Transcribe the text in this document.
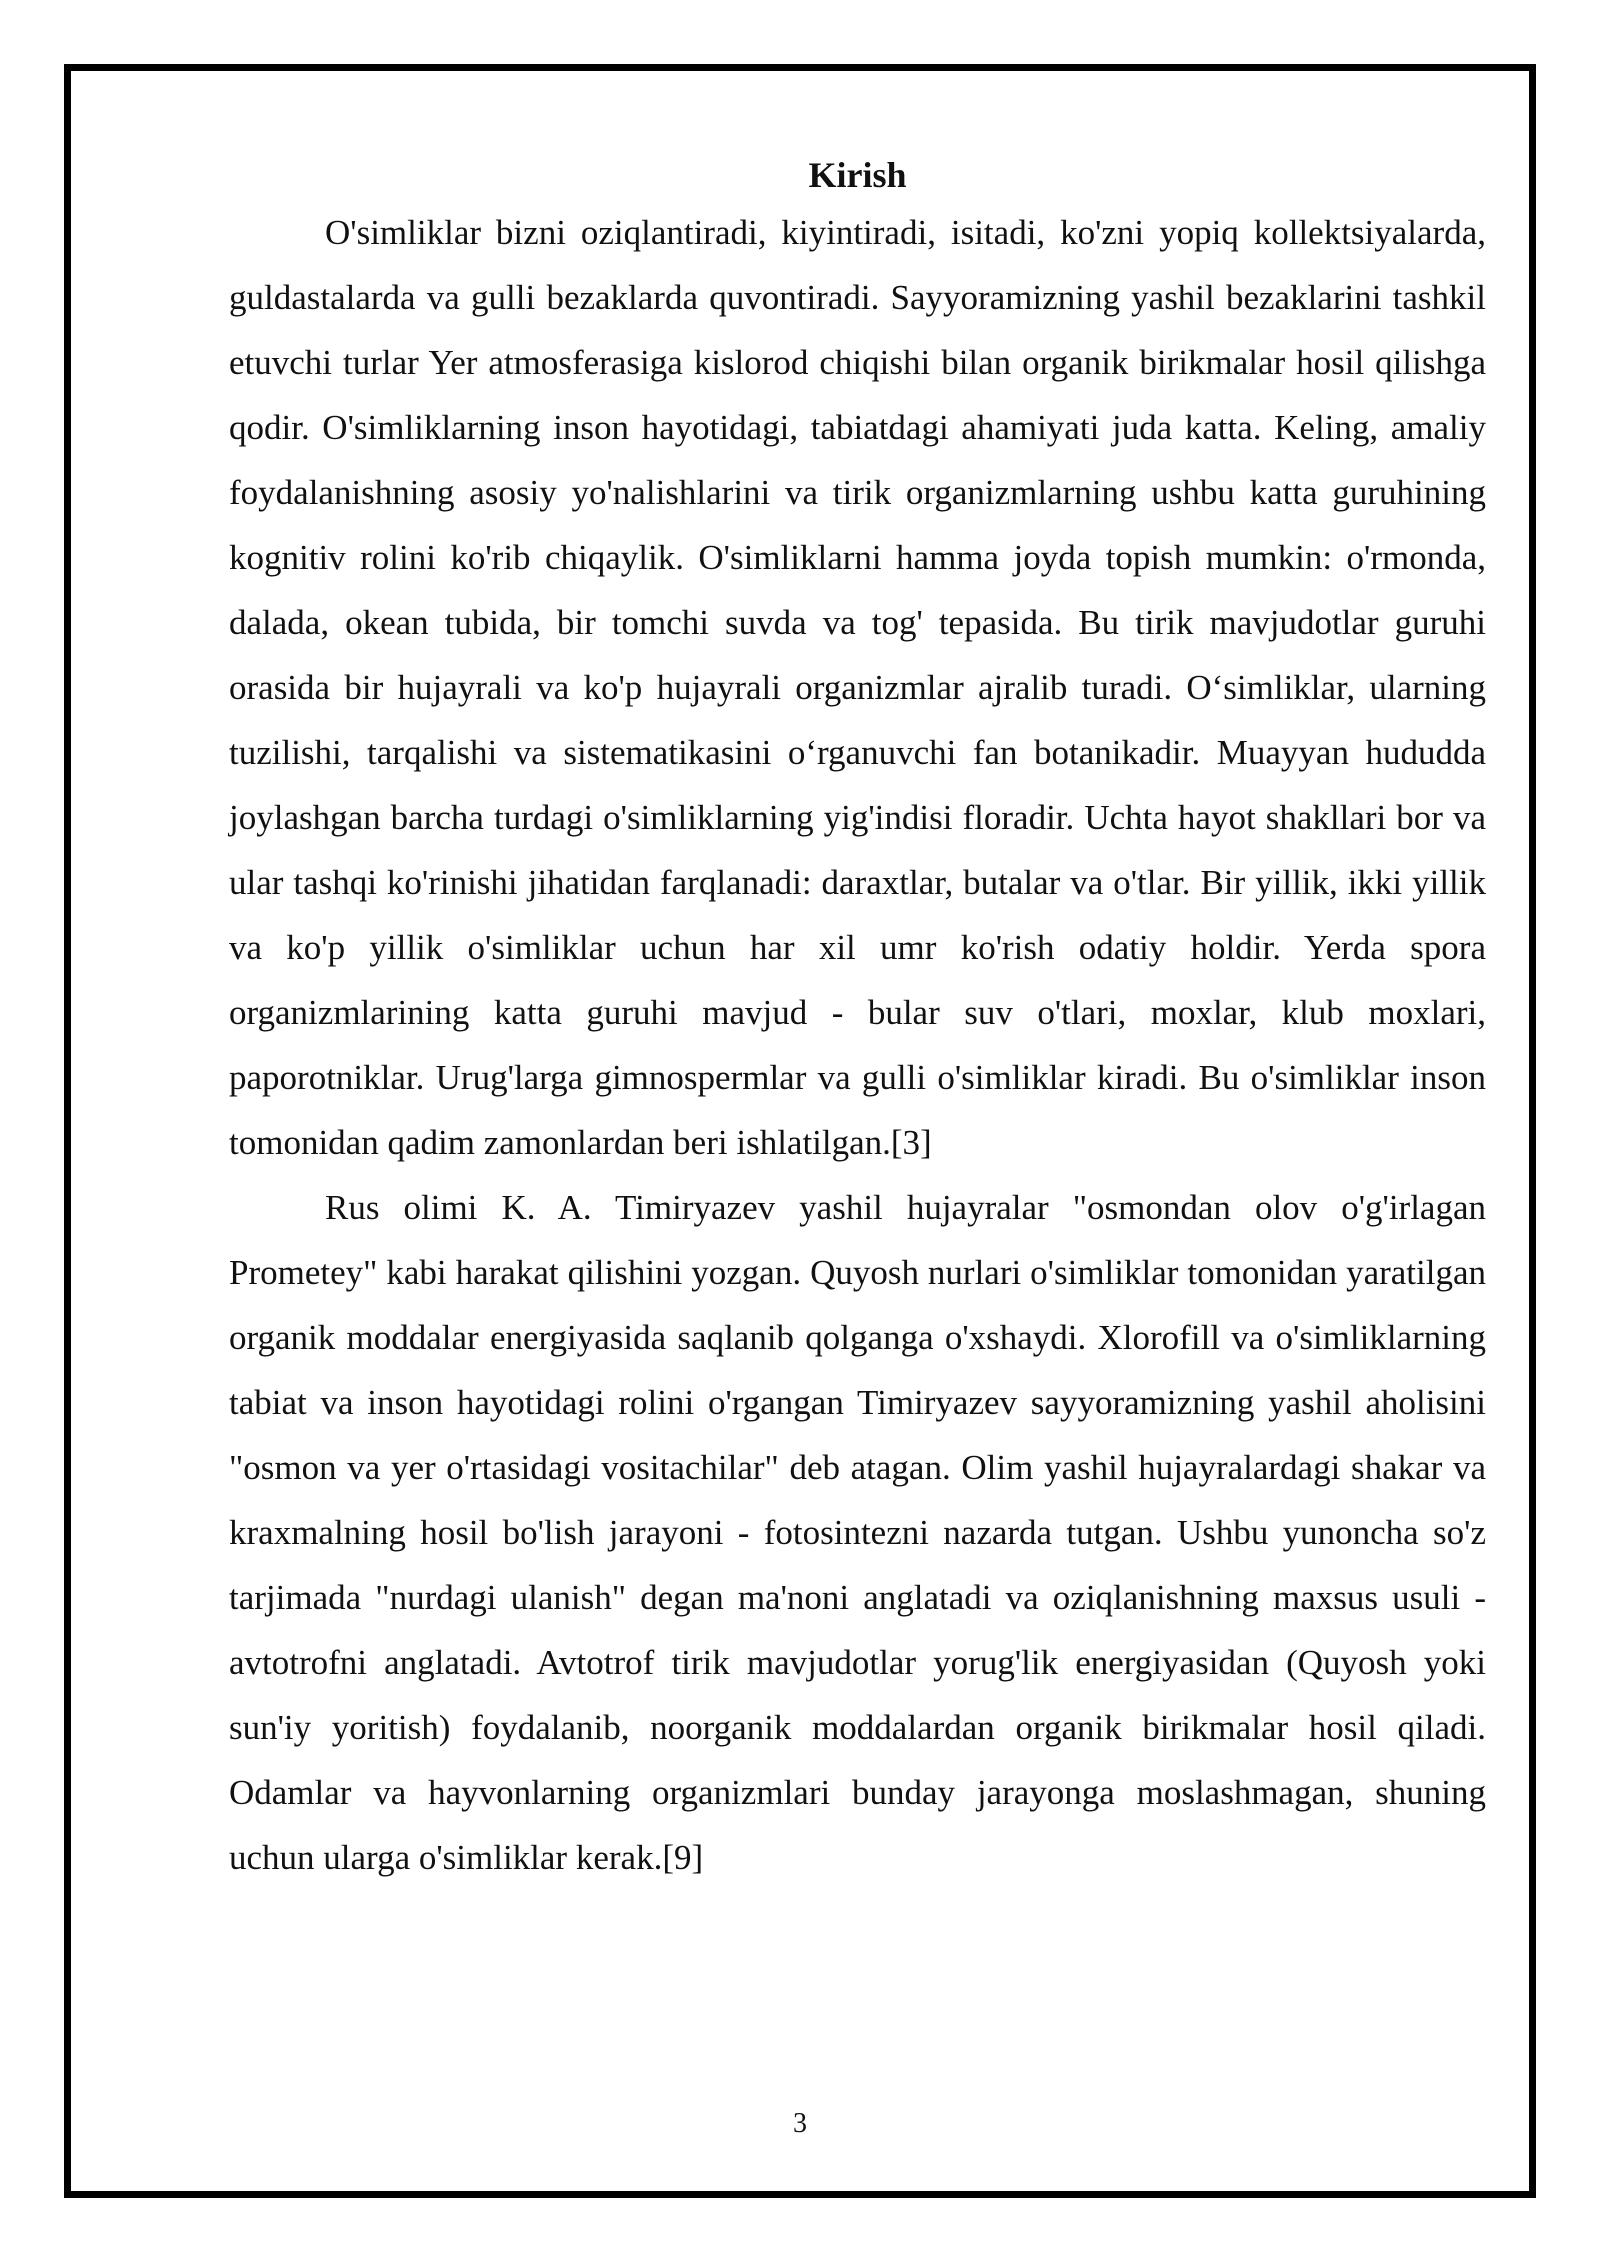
Kirish

O'simliklar bizni oziqlantiradi, kiyintiradi, isitadi, ko'zni yopiq kollektsiyalarda, guldastalarda va gulli bezaklarda quvontiradi. Sayyoramizning yashil bezaklarini tashkil etuvchi turlar Yer atmosferasiga kislorod chiqishi bilan organik birikmalar hosil qilishga qodir. O'simliklarning inson hayotidagi, tabiatdagi ahamiyati juda katta. Keling, amaliy foydalanishning asosiy yo'nalishlarini va tirik organizmlarning ushbu katta guruhining kognitiv rolini ko'rib chiqaylik. O'simliklarni hamma joyda topish mumkin: o'rmonda, dalada, okean tubida, bir tomchi suvda va tog' tepasida. Bu tirik mavjudotlar guruhi orasida bir hujayrali va ko'p hujayrali organizmlar ajralib turadi. O‘simliklar, ularning tuzilishi, tarqalishi va sistematikasini o‘rganuvchi fan botanikadir. Muayyan hududda joylashgan barcha turdagi o'simliklarning yig'indisi floradir. Uchta hayot shakllari bor va ular tashqi ko'rinishi jihatidan farqlanadi: daraxtlar, butalar va o'tlar. Bir yillik, ikki yillik va ko'p yillik o'simliklar uchun har xil umr ko'rish odatiy holdir. Yerda spora organizmlarining katta guruhi mavjud - bular suv o'tlari, moxlar, klub moxlari, paporotniklar. Urug'larga gimnospermlar va gulli o'simliklar kiradi. Bu o'simliklar inson tomonidan qadim zamonlardan beri ishlatilgan.[3]

Rus olimi K. A. Timiryazev yashil hujayralar "osmondan olov o'g'irlagan Prometey" kabi harakat qilishini yozgan. Quyosh nurlari o'simliklar tomonidan yaratilgan organik moddalar energiyasida saqlanib qolganga o'xshaydi. Xlorofill va o'simliklarning tabiat va inson hayotidagi rolini o'rgangan Timiryazev sayyoramizning yashil aholisini "osmon va yer o'rtasidagi vositachilar" deb atagan. Olim yashil hujayralardagi shakar va kraxmalning hosil bo'lish jarayoni - fotosintezni nazarda tutgan. Ushbu yunoncha so'z tarjimada "nurdagi ulanish" degan ma'noni anglatadi va oziqlanishning maxsus usuli - avtotrofni anglatadi. Avtotrof tirik mavjudotlar yorug'lik energiyasidan (Quyosh yoki sun'iy yoritish) foydalanib, noorganik moddalardan organik birikmalar hosil qiladi. Odamlar va hayvonlarning organizmlari bunday jarayonga moslashmagan, shuning uchun ularga o'simliklar kerak.[9]

3
